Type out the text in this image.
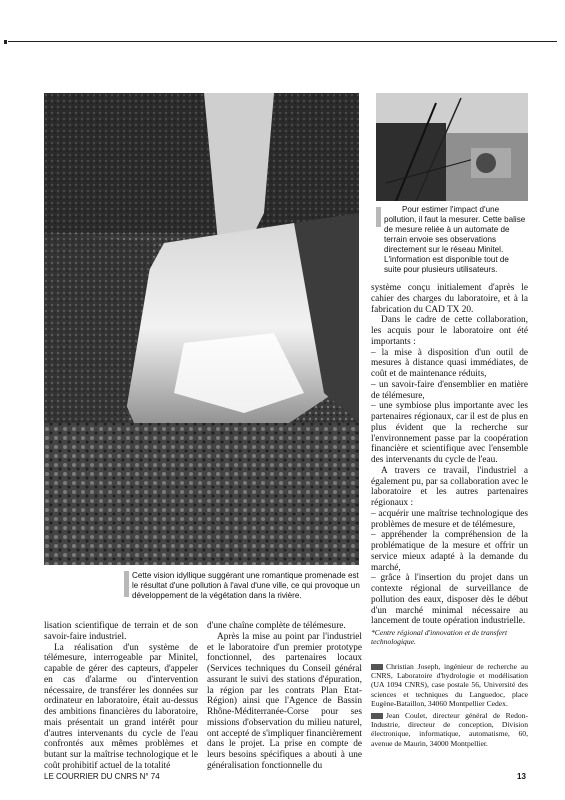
Pour estimer l'impact d'une pollution, il faut la mesurer. Cette balise de mesure reliée à un automate de terrain envoie ses observations directement sur le réseau Minitel. L'information est disponible tout de suite pour plusieurs utilisateurs.
Cette vision idyllique suggérant une romantique promenade est le résultat d'une pollution à l'aval d'une ville, ce qui provoque un développement de la végétation dans la rivière.

lisation scientifique de terrain et de son savoir-faire industriel.

La réalisation d'un système de télémesure, interrogeable par Minitel, capable de gérer des capteurs, d'appeler en cas d'alarme ou d'intervention nécessaire, de transférer les données sur ordinateur en laboratoire, était au-dessus des ambitions financières du laboratoire, mais présentait un grand intérêt pour d'autres intervenants du cycle de l'eau confrontés aux mêmes problèmes et butant sur la maîtrise technologique et le coût prohibitif actuel de la totalité

d'une chaîne complète de télémesure.

Après la mise au point par l'industriel et le laboratoire d'un premier prototype fonctionnel, des partenaires locaux (Services techniques du Conseil général assurant le suivi des stations d'épuration, la région par les contrats Plan Etat-Région) ainsi que l'Agence de Bassin Rhône-Méditerranée-Corse pour ses missions d'observation du milieu naturel, ont accepté de s'impliquer financièrement dans le projet. La prise en compte de leurs besoins spécifiques a abouti à une généralisation fonctionnelle du

système conçu initialement d'après le cahier des charges du laboratoire, et à la fabrication du CAD TX 20.

Dans le cadre de cette collaboration, les acquis pour le laboratoire ont été importants :

– la mise à disposition d'un outil de mesures à distance quasi immédiates, de coût et de maintenance réduits,

– un savoir-faire d'ensemblier en matière de télémesure,

– une symbiose plus importante avec les partenaires régionaux, car il est de plus en plus évident que la recherche sur l'environnement passe par la coopération financière et scientifique avec l'ensemble des intervenants du cycle de l'eau.

A travers ce travail, l'industriel a également pu, par sa collaboration avec le laboratoire et les autres partenaires régionaux :

– acquérir une maîtrise technologique des problèmes de mesure et de télémesure,

– appréhender la compréhension de la problématique de la mesure et offrir un service mieux adapté à la demande du marché,

– grâce à l'insertion du projet dans un contexte régional de surveillance de pollution des eaux, disposer dès le début d'un marché minimal nécessaire au lancement de toute opération industrielle.

*Centre régional d'innovation et de transfert technologique.
Christian Joseph, ingénieur de recherche au CNRS, Laboratoire d'hydrologie et modélisation (UA 1094 CNRS), case postale 56, Université des sciences et techniques du Languedoc, place Eugène-Bataillon, 34060 Montpellier Cedex.
Jean Coulet, directeur général de Redon-Industrie, directeur de conception, Division électronique, informatique, automatisme, 60, avenue de Maurin, 34000 Montpellier.
LE COURRIER DU CNRS N° 74	13
